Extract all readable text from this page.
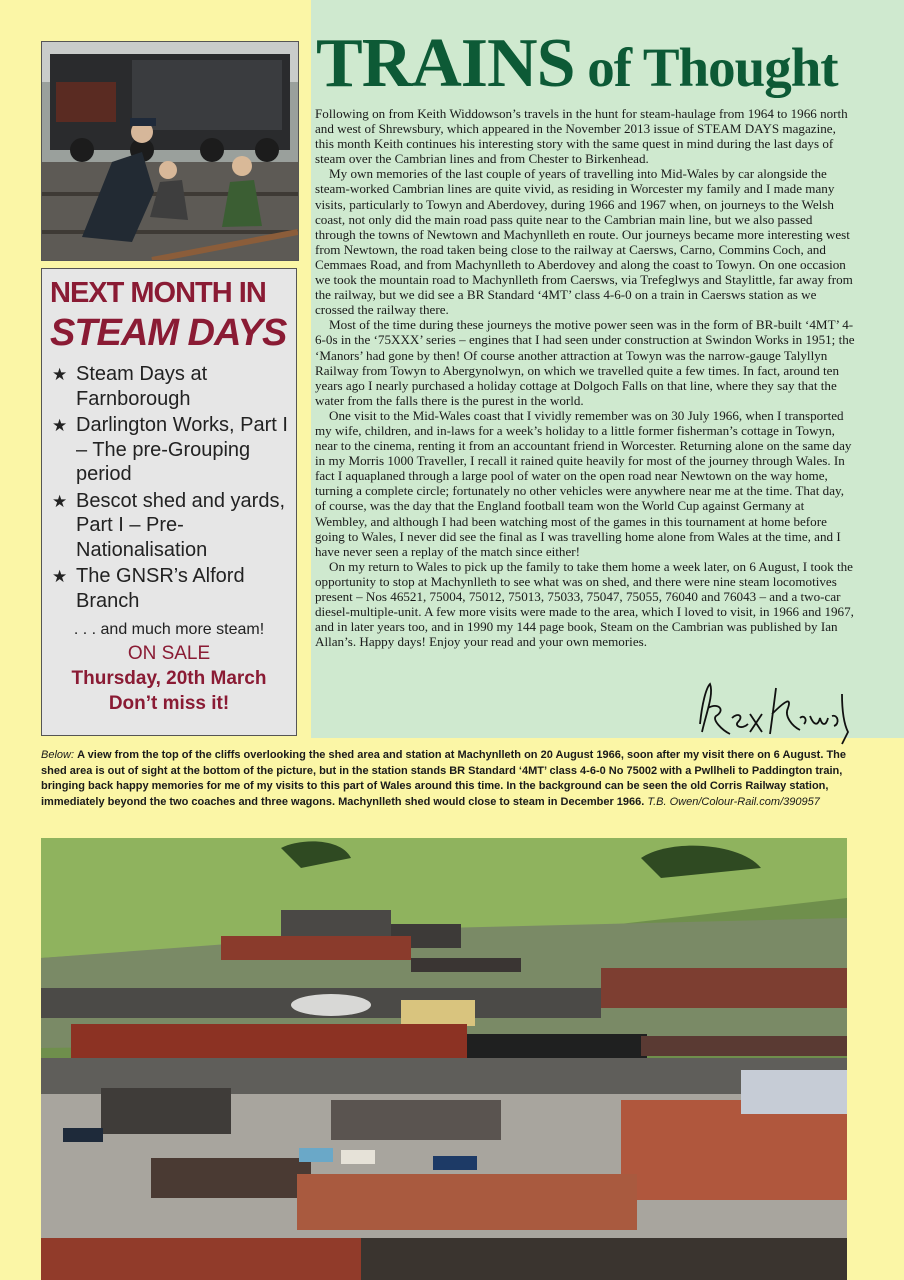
NEXT MONTH IN
STEAM DAYS
★ Steam Days at Farnborough
★ Darlington Works, Part I – The pre-Grouping period
★ Bescot shed and yards, Part I – Pre-Nationalisation
★ The GNSR’s Alford Branch
. . . and much more steam!
ON SALE
Thursday, 20th March
Don’t miss it!
TRAINS of Thought

Following on from Keith Widdowson’s travels in the hunt for steam-haulage from 1964 to 1966 north and west of Shrewsbury, which appeared in the November 2013 issue of STEAM DAYS magazine, this month Keith continues his interesting story with the same quest in mind during the last days of steam over the Cambrian lines and from Chester to Birkenhead.

My own memories of the last couple of years of travelling into Mid-Wales by car alongside the steam-worked Cambrian lines are quite vivid, as residing in Worcester my family and I made many visits, particularly to Towyn and Aberdovey, during 1966 and 1967 when, on journeys to the Welsh coast, not only did the main road pass quite near to the Cambrian main line, but we also passed through the towns of Newtown and Machynlleth en route. Our journeys became more interesting west from Newtown, the road taken being close to the railway at Caersws, Carno, Commins Coch, and Cemmaes Road, and from Machynlleth to Aberdovey and along the coast to Towyn. On one occasion we took the mountain road to Machynlleth from Caersws, via Trefeglwys and Staylittle, far away from the railway, but we did see a BR Standard ‘4MT’ class 4-6-0 on a train in Caersws station as we crossed the railway there.

Most of the time during these journeys the motive power seen was in the form of BR-built ‘4MT’ 4-6-0s in the ‘75XXX’ series – engines that I had seen under construction at Swindon Works in 1951; the ‘Manors’ had gone by then! Of course another attraction at Towyn was the narrow-gauge Talyllyn Railway from Towyn to Abergynolwyn, on which we travelled quite a few times. In fact, around ten years ago I nearly purchased a holiday cottage at Dolgoch Falls on that line, where they say that the water from the falls there is the purest in the world.

One visit to the Mid-Wales coast that I vividly remember was on 30 July 1966, when I transported my wife, children, and in-laws for a week’s holiday to a little former fisherman’s cottage in Towyn, near to the cinema, renting it from an accountant friend in Worcester. Returning alone on the same day in my Morris 1000 Traveller, I recall it rained quite heavily for most of the journey through Wales. In fact I aquaplaned through a large pool of water on the open road near Newtown on the way home, turning a complete circle; fortunately no other vehicles were anywhere near me at the time. That day, of course, was the day that the England football team won the World Cup against Germany at Wembley, and although I had been watching most of the games in this tournament at home before going to Wales, I never did see the final as I was travelling home alone from Wales at the time, and I have never seen a replay of the match since either!

On my return to Wales to pick up the family to take them home a week later, on 6 August, I took the opportunity to stop at Machynlleth to see what was on shed, and there were nine steam locomotives present – Nos 46521, 75004, 75012, 75013, 75033, 75047, 75055, 76040 and 76043 – and a two-car diesel-multiple-unit. A few more visits were made to the area, which I loved to visit, in 1966 and 1967, and in later years too, and in 1990 my 144 page book, Steam on the Cambrian was published by Ian Allan’s. Happy days! Enjoy your read and your own memories.

Below: A view from the top of the cliffs overlooking the shed area and station at Machynlleth on 20 August 1966, soon after my visit there on 6 August. The shed area is out of sight at the bottom of the picture, but in the station stands BR Standard ‘4MT’ class 4-6-0 No 75002 with a Pwllheli to Paddington train, bringing back happy memories for me of my visits to this part of Wales around this time. In the background can be seen the old Corris Railway station, immediately beyond the two coaches and three wagons. Machynlleth shed would close to steam in December 1966. T.B. Owen/Colour-Rail.com/390957
